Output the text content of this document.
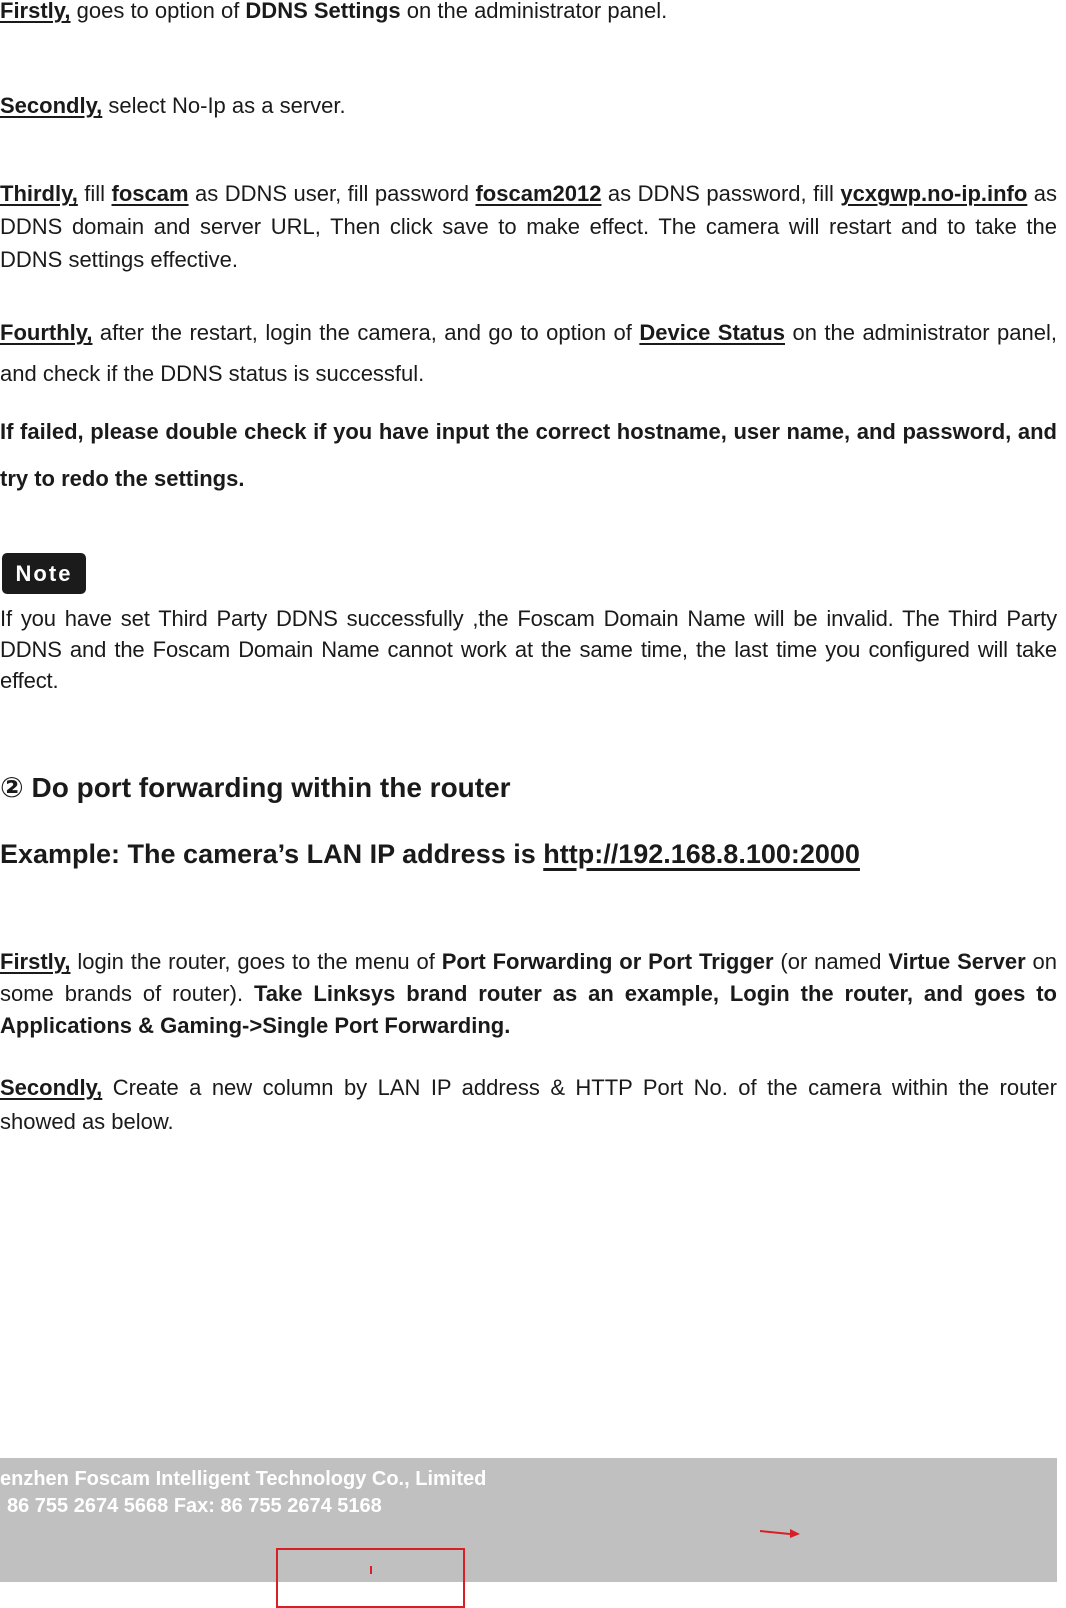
Firstly, goes to option of DDNS Settings on the administrator panel.
Secondly, select No-Ip as a server.
Thirdly, fill foscam as DDNS user, fill password foscam2012 as DDNS password, fill ycxgwp.no-ip.info as DDNS domain and server URL, Then click save to make effect. The camera will restart and to take the DDNS settings effective.
Fourthly, after the restart, login the camera, and go to option of Device Status on the administrator panel, and check if the DDNS status is successful.
If failed, please double check if you have input the correct hostname, user name, and password, and try to redo the settings.
Note
If you have set Third Party DDNS successfully ,the Foscam Domain Name will be invalid. The Third Party DDNS and the Foscam Domain Name cannot work at the same time, the last time you configured will take effect.
② Do port forwarding within the router
Example: The camera’s LAN IP address is http://192.168.8.100:2000
Firstly, login the router, goes to the menu of Port Forwarding or Port Trigger (or named Virtue Server on some brands of router). Take Linksys brand router as an example, Login the router, and goes to Applications & Gaming->Single Port Forwarding.
Secondly, Create a new column by LAN IP address & HTTP Port No. of the camera within the router showed as below.
enzhen Foscam Intelligent Technology Co., Limited
86 755 2674 5668 Fax: 86 755 2674 5168
